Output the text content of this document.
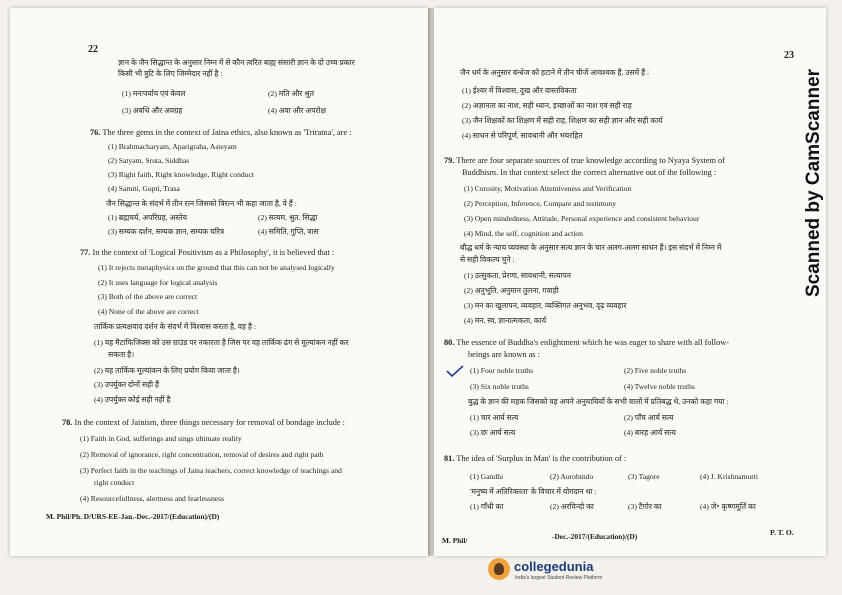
22
ज्ञान के जैन सिद्धान्त के अनुसार निम्न में से कौन त्वरित बाह्य संसारी ज्ञान के दो उच्च प्रकार
किसी भी त्रुटि के लिए जिम्मेदार नहीं है :
(1) मनःपर्याय एवं केवल	(2) मति और श्रुत
(3) अवधि और अवग्रह	(4) अवा और अपरोक्ष
76. The three gems in the context of Jaina ethics, also known as 'Triratna', are :
(1) Brahmacharyam, Aparigraha, Asteyam
(2) Satyam, Sruta, Siddhas
(3) Right faith, Right knowledge, Right conduct
(4) Samiti, Gupti, Trasa
जैन सिद्धान्त के संदर्भ में तीन रत्न जिसको त्रिरत्न भी कहा जाता है, वे हैं :
(1) ब्रह्मचर्य, अपरिग्रह, अस्तेय	(2) सत्यम, श्रुत, सिद्धा
(3) सम्यक दर्शन, सम्यक ज्ञान, सम्यक चरित्र	(4) समिति, गुप्ति, त्रास
77. In the context of 'Logical Positivism as a Philosophy', it is believed that :
(1) It rejects metaphysics on the ground that this can not be analysed logically
(2) It uses language for logical analysis
(3) Both of the above are correct
(4) None of the above are correct
तार्किक प्रत्यक्षवाद दर्शन के संदर्भ में विश्वास करता है, वह है :
(1) यह मैटाफिजिक्स को उस ग्राउंड पर नकारता है जिस पर वह तार्किक ढंग से मूल्यांकन नहीं कर
सकता है।
(2) यह तार्किक मूल्यांकन के लिए प्रयोग किया जाता है।
(3) उपर्युक्त दोनों सही हैं
(4) उपर्युक्त कोई सही नहीं है
78. In the context of Jainism, three things necessary for removal of bondage include :
(1) Faith in God, sufferings and sings ultimate reality
(2) Removal of ignorance, right concentration, removal of desires and right path
(3) Perfect faith in the teachings of Jaina teachers, correct knowledge of teachings and
right conduct
(4) Resourcefullness, alertness and fearlessness
M. Phil/Ph. D/URS-EE-Jan.-Dec.-2017/(Education)/(D)
23
जैन धर्म के अनुसार बंन्धेज को हटाने में तीन चीजें आवश्यक हैं, उसमें हैं :
(1) ईश्वर में विश्वास, दुख और वास्तविकता
(2) अज्ञानता का नाश, सही ध्यान, इच्छाओं का नाश एवं सही राह
(3) जैन शिक्षकों का शिक्षण में सही राह, शिक्षण का सही ज्ञान और सही कार्य
(4) साधन से परिपूर्ण, सावधानी और भयरहित
79. There are four separate sources of true knowledge according to Nyaya System of
Buddhism. In that context select the correct alternative out of the following :
(1) Curosity, Motivation Attentiveness and Verification
(2) Perception, Inference, Compare and testimony
(3) Open mindedness, Attitude, Personal experience and consistent behaviour
(4) Mind, the self, cognition and action
बौद्ध धर्म के न्याय व्यवस्था के अनुसार सत्य ज्ञान के चार अलग-अलग साधन हैं। इस संदर्भ में निम्न में
से सही विकल्प चुने :
(1) उत्सुकता, प्रेरणा, सावधानी, सत्यापन
(2) अनुभूति, अनुमान तुलना, गवाही
(3) मन का खुलापन, व्यवहार, व्यक्तिगत अनुभव, दृढ़ व्यवहार
(4) मन, स्व, ज्ञानात्मकता, कार्य
80. The essence of Buddha's enlightment which he was eager to share with all follow-
beings are known as :
(1) Four noble truths	(2) Five noble truths
(3) Six noble truths	(4) Twelve noble truths
बुद्ध के ज्ञान की महक जिसको वह अपने अनुयायियों के सभी वालों में प्रतिबद्ध थे, उनको कहा गया :
(1) चार आर्य सत्य	(2) पाँच आर्य सत्य
(3) छः आर्य सत्य	(4) बारह आर्य सत्य
81. The idea of 'Surplus in Man' is the contribution of :
(1) Gandhi	(2) Aurobindo	(3) Tagore	(4) J. Krishnamurti
'मनुष्य में अतिरिक्तता' के विचार में योगदान था :
(1) गाँधी का	(2) अरविन्दो का	(3) टैगोर का	(4) जे॰ कृष्णमूर्ति का
M. Phil/	-Dec.-2017/(Education)/(D)	P. T. O.
Scanned by CamScanner
collegedunia
India's largest Student Review Platform
